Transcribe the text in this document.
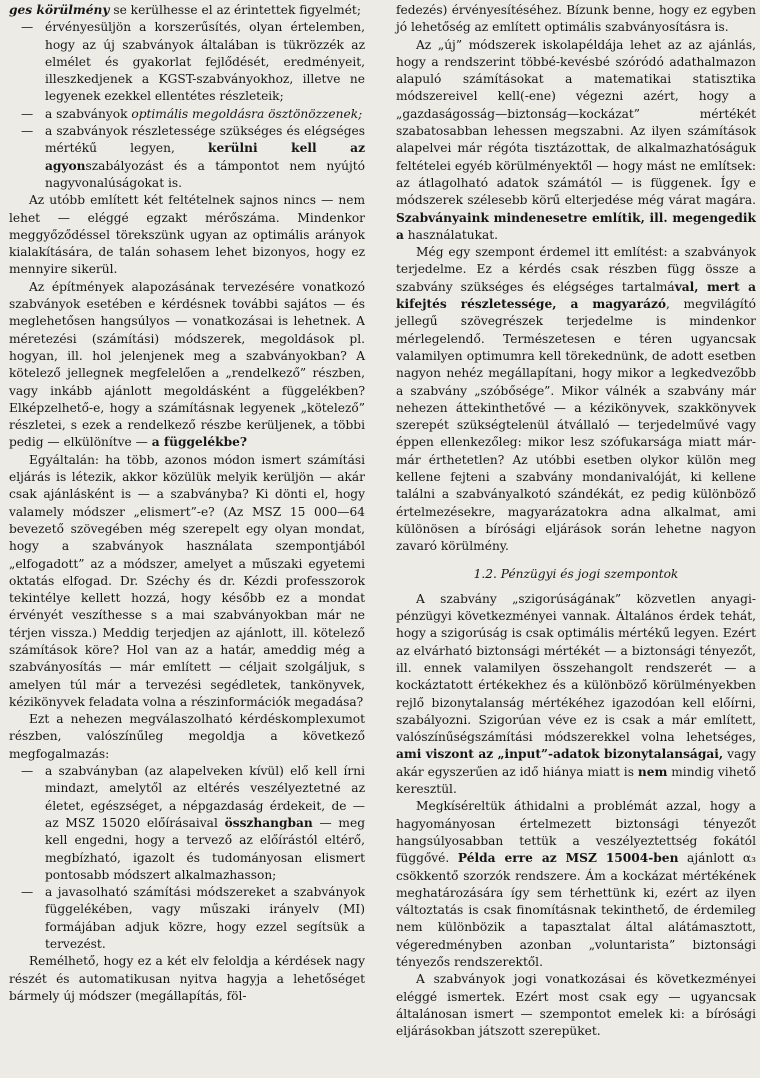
ges körülmény se kerülhesse el az érintettek figyelmét;

— érvényesüljön a korszerűsítés, olyan értelemben, hogy az új szabványok általában is tükrözzék az elmélet és gyakorlat fejlődését, eredményeit, illeszkedjenek a KGST-szabványokhoz, illetve ne legyenek ezekkel ellentétes részleteik;

— a szabványok optimális megoldásra ösztönözzenek;

— a szabványok részletessége szükséges és elégséges mértékű legyen, kerülni kell az agyonszabályozást és a támpontot nem nyújtó nagyvonalúságokat is.

Az utóbb említett két feltételnek sajnos nincs — nem lehet — eléggé egzakt mérőszáma. Mindenkor meggyőződéssel törekszünk ugyan az optimális arányok kialakítására, de talán sohasem lehet bizonyos, hogy ez mennyire sikerül.

Az építmények alapozásának tervezésére vonatkozó szabványok esetében e kérdésnek további sajátos — és meglehetősen hangsúlyos — vonatkozásai is lehetnek. A méretezési (számítási) módszerek, megoldások pl. hogyan, ill. hol jelenjenek meg a szabványokban? A kötelező jellegnek megfelelően a „rendelkező” részben, vagy inkább ajánlott megoldásként a függelékben? Elképzelhető-e, hogy a számításnak legyenek „kötelező” részletei, s ezek a rendelkező részbe kerüljenek, a többi pedig — elkülönítve — a függelékbe?

Egyáltalán: ha több, azonos módon ismert számítási eljárás is létezik, akkor közülük melyik kerüljön — akár csak ajánlásként is — a szabványba? Ki dönti el, hogy valamely módszer „elismert”-e? (Az MSZ 15 000—64 bevezető szövegében még szerepelt egy olyan mondat, hogy a szabványok használata szempontjából „elfogadott” az a módszer, amelyet a műszaki egyetemi oktatás elfogad. Dr. Széchy és dr. Kézdi professzorok tekintélye kellett hozzá, hogy később ez a mondat érvényét veszíthesse s a mai szabványokban már ne térjen vissza.) Meddig terjedjen az ajánlott, ill. kötelező számítások köre? Hol van az a határ, ameddig még a szabványosítás — már említett — céljait szolgáljuk, s amelyen túl már a tervezési segédletek, tankönyvek, kézikönyvek feladata volna a részinformációk megadása?

Ezt a nehezen megválaszolható kérdéskomplexumot részben, valószínűleg megoldja a következő megfogalmazás:

— a szabványban (az alapelveken kívül) elő kell írni mindazt, amelytől az eltérés veszélyeztetné az életet, egészséget, a népgazdaság érdekeit, de — az MSZ 15020 előírásaival összhangban — meg kell engedni, hogy a tervező az előírástól eltérő, megbízható, igazolt és tudományosan elismert pontosabb módszert alkalmazhasson;

— a javasolható számítási módszereket a szabványok függelékében, vagy műszaki irányelv (MI) formájában adjuk közre, hogy ezzel segítsük a tervezést.

Remélhető, hogy ez a két elv feloldja a kérdések nagy részét és automatikusan nyitva hagyja a lehetőséget bármely új módszer (megállapítás, föl-

fedezés) érvényesítéséhez. Bízunk benne, hogy ez egyben jó lehetőség az említett optimális szabványosításra is.

Az „új” módszerek iskolapéldája lehet az az ajánlás, hogy a rendszerint többé-kevésbé szóródó adathalmazon alapuló számításokat a matematikai statisztika módszereivel kell(-ene) végezni azért, hogy a „gazdaságosság—biztonság—kockázat” mértékét szabatosabban lehessen megszabni. Az ilyen számítások alapelvei már régóta tisztázottak, de alkalmazhatóságuk feltételei egyéb körülményektől — hogy mást ne említsek: az átlagolható adatok számától — is függenek. Így e módszerek szélesebb körű elterjedése még várat magára. Szabványaink mindenesetre említik, ill. megengedik a használatukat.

Még egy szempont érdemel itt említést: a szabványok terjedelme. Ez a kérdés csak részben függ össze a szabvány szükséges és elégséges tartalmával, mert a kifejtés részletessége, a magyarázó, megvilágító jellegű szövegrészek terjedelme is mindenkor mérlegelendő. Természetesen e téren ugyancsak valamilyen optimumra kell törekednünk, de adott esetben nagyon nehéz megállapítani, hogy mikor a legkedvezőbb a szabvány „szóbősége”. Mikor válnék a szabvány már nehezen áttekinthetővé — a kézikönyvek, szakkönyvek szerepét szükségtelenül átvállaló — terjedelművé vagy éppen ellenkezőleg: mikor lesz szófukarsága miatt már-már érthetetlen? Az utóbbi esetben olykor külön meg kellene fejteni a szabvány mondanivalóját, ki kellene találni a szabványalkotó szándékát, ez pedig különböző értelmezésekre, magyarázatokra adna alkalmat, ami különösen a bírósági eljárások során lehetne nagyon zavaró körülmény.

1.2. Pénzügyi és jogi szempontok

A szabvány „szigorúságának” közvetlen anyagi-pénzügyi következményei vannak. Általános érdek tehát, hogy a szigorúság is csak optimális mértékű legyen. Ezért az elvárható biztonsági mértékét — a biztonsági tényezőt, ill. ennek valamilyen összehangolt rendszerét — a kockáztatott értékekhez és a különböző körülményekben rejlő bizonytalanság mértékéhez igazodóan kell előírni, szabályozni. Szigorúan véve ez is csak a már említett, valószínűségszámítási módszerekkel volna lehetséges, ami viszont az „input”-adatok bizonytalanságai, vagy akár egyszerűen az idő hiánya miatt is nem mindig vihető keresztül.

Megkíséreltük áthidalni a problémát azzal, hogy a hagyományosan értelmezett biztonsági tényezőt hangsúlyosabban tettük a veszélyeztettség fokától függővé. Példa erre az MSZ 15004-ben ajánlott α₃ csökkentő szorzók rendszere. Ám a kockázat mértékének meghatározására így sem térhettünk ki, ezért az ilyen változtatás is csak finomításnak tekinthető, de érdemileg nem különbözik a tapasztalat által alátámasztott, végeredményben azonban „voluntarista” biztonsági tényezős rendszerektől.

A szabványok jogi vonatkozásai és következményei eléggé ismertek. Ezért most csak egy — ugyancsak általánosan ismert — szempontot emelek ki: a bírósági eljárásokban játszott szerepüket.
